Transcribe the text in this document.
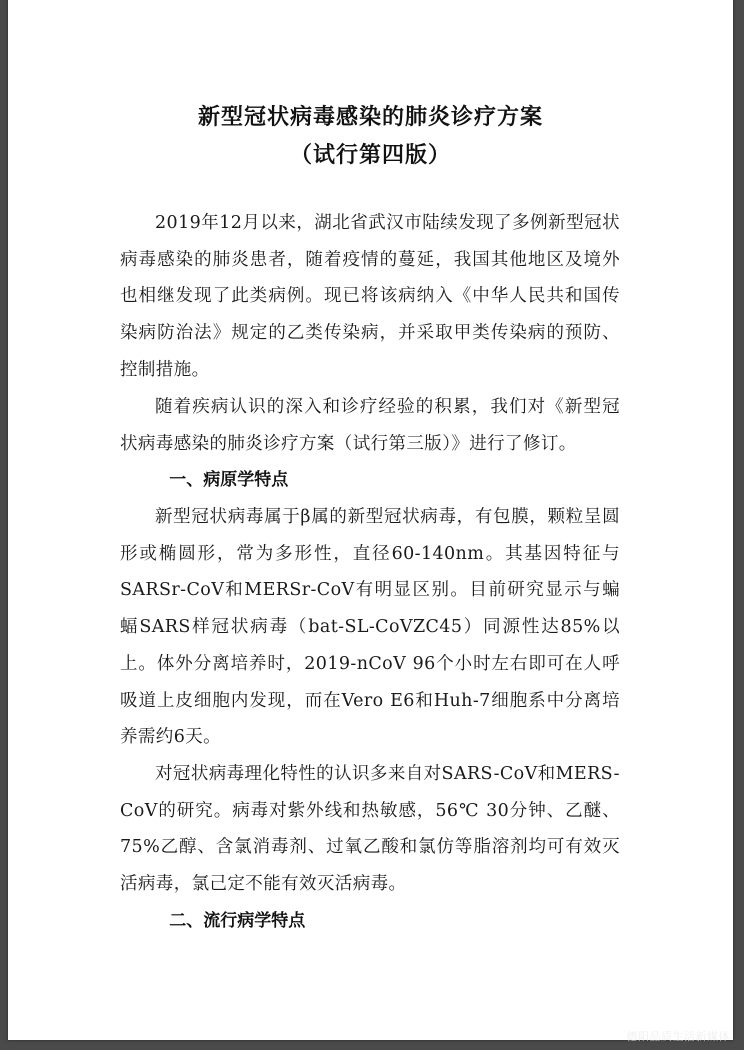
新型冠状病毒感染的肺炎诊疗方案
（试行第四版）

2019年12月以来，湖北省武汉市陆续发现了多例新型冠状病毒感染的肺炎患者，随着疫情的蔓延，我国其他地区及境外也相继发现了此类病例。现已将该病纳入《中华人民共和国传染病防治法》规定的乙类传染病，并采取甲类传染病的预防、控制措施。

随着疾病认识的深入和诊疗经验的积累，我们对《新型冠状病毒感染的肺炎诊疗方案（试行第三版）》进行了修订。

一、病原学特点

新型冠状病毒属于β属的新型冠状病毒，有包膜，颗粒呈圆形或椭圆形，常为多形性，直径60-140nm。其基因特征与SARSr-CoV和MERSr-CoV有明显区别。目前研究显示与蝙蝠SARS样冠状病毒（bat-SL-CoVZC45）同源性达85%以上。体外分离培养时，2019-nCoV 96个小时左右即可在人呼吸道上皮细胞内发现，而在Vero E6和Huh-7细胞系中分离培养需约6天。

对冠状病毒理化特性的认识多来自对SARS-CoV和MERS-CoV的研究。病毒对紫外线和热敏感，56℃ 30分钟、乙醚、75%乙醇、含氯消毒剂、过氧乙酸和氯仿等脂溶剂均可有效灭活病毒，氯己定不能有效灭活病毒。

二、流行病学特点
德阳品质生活新媒体
